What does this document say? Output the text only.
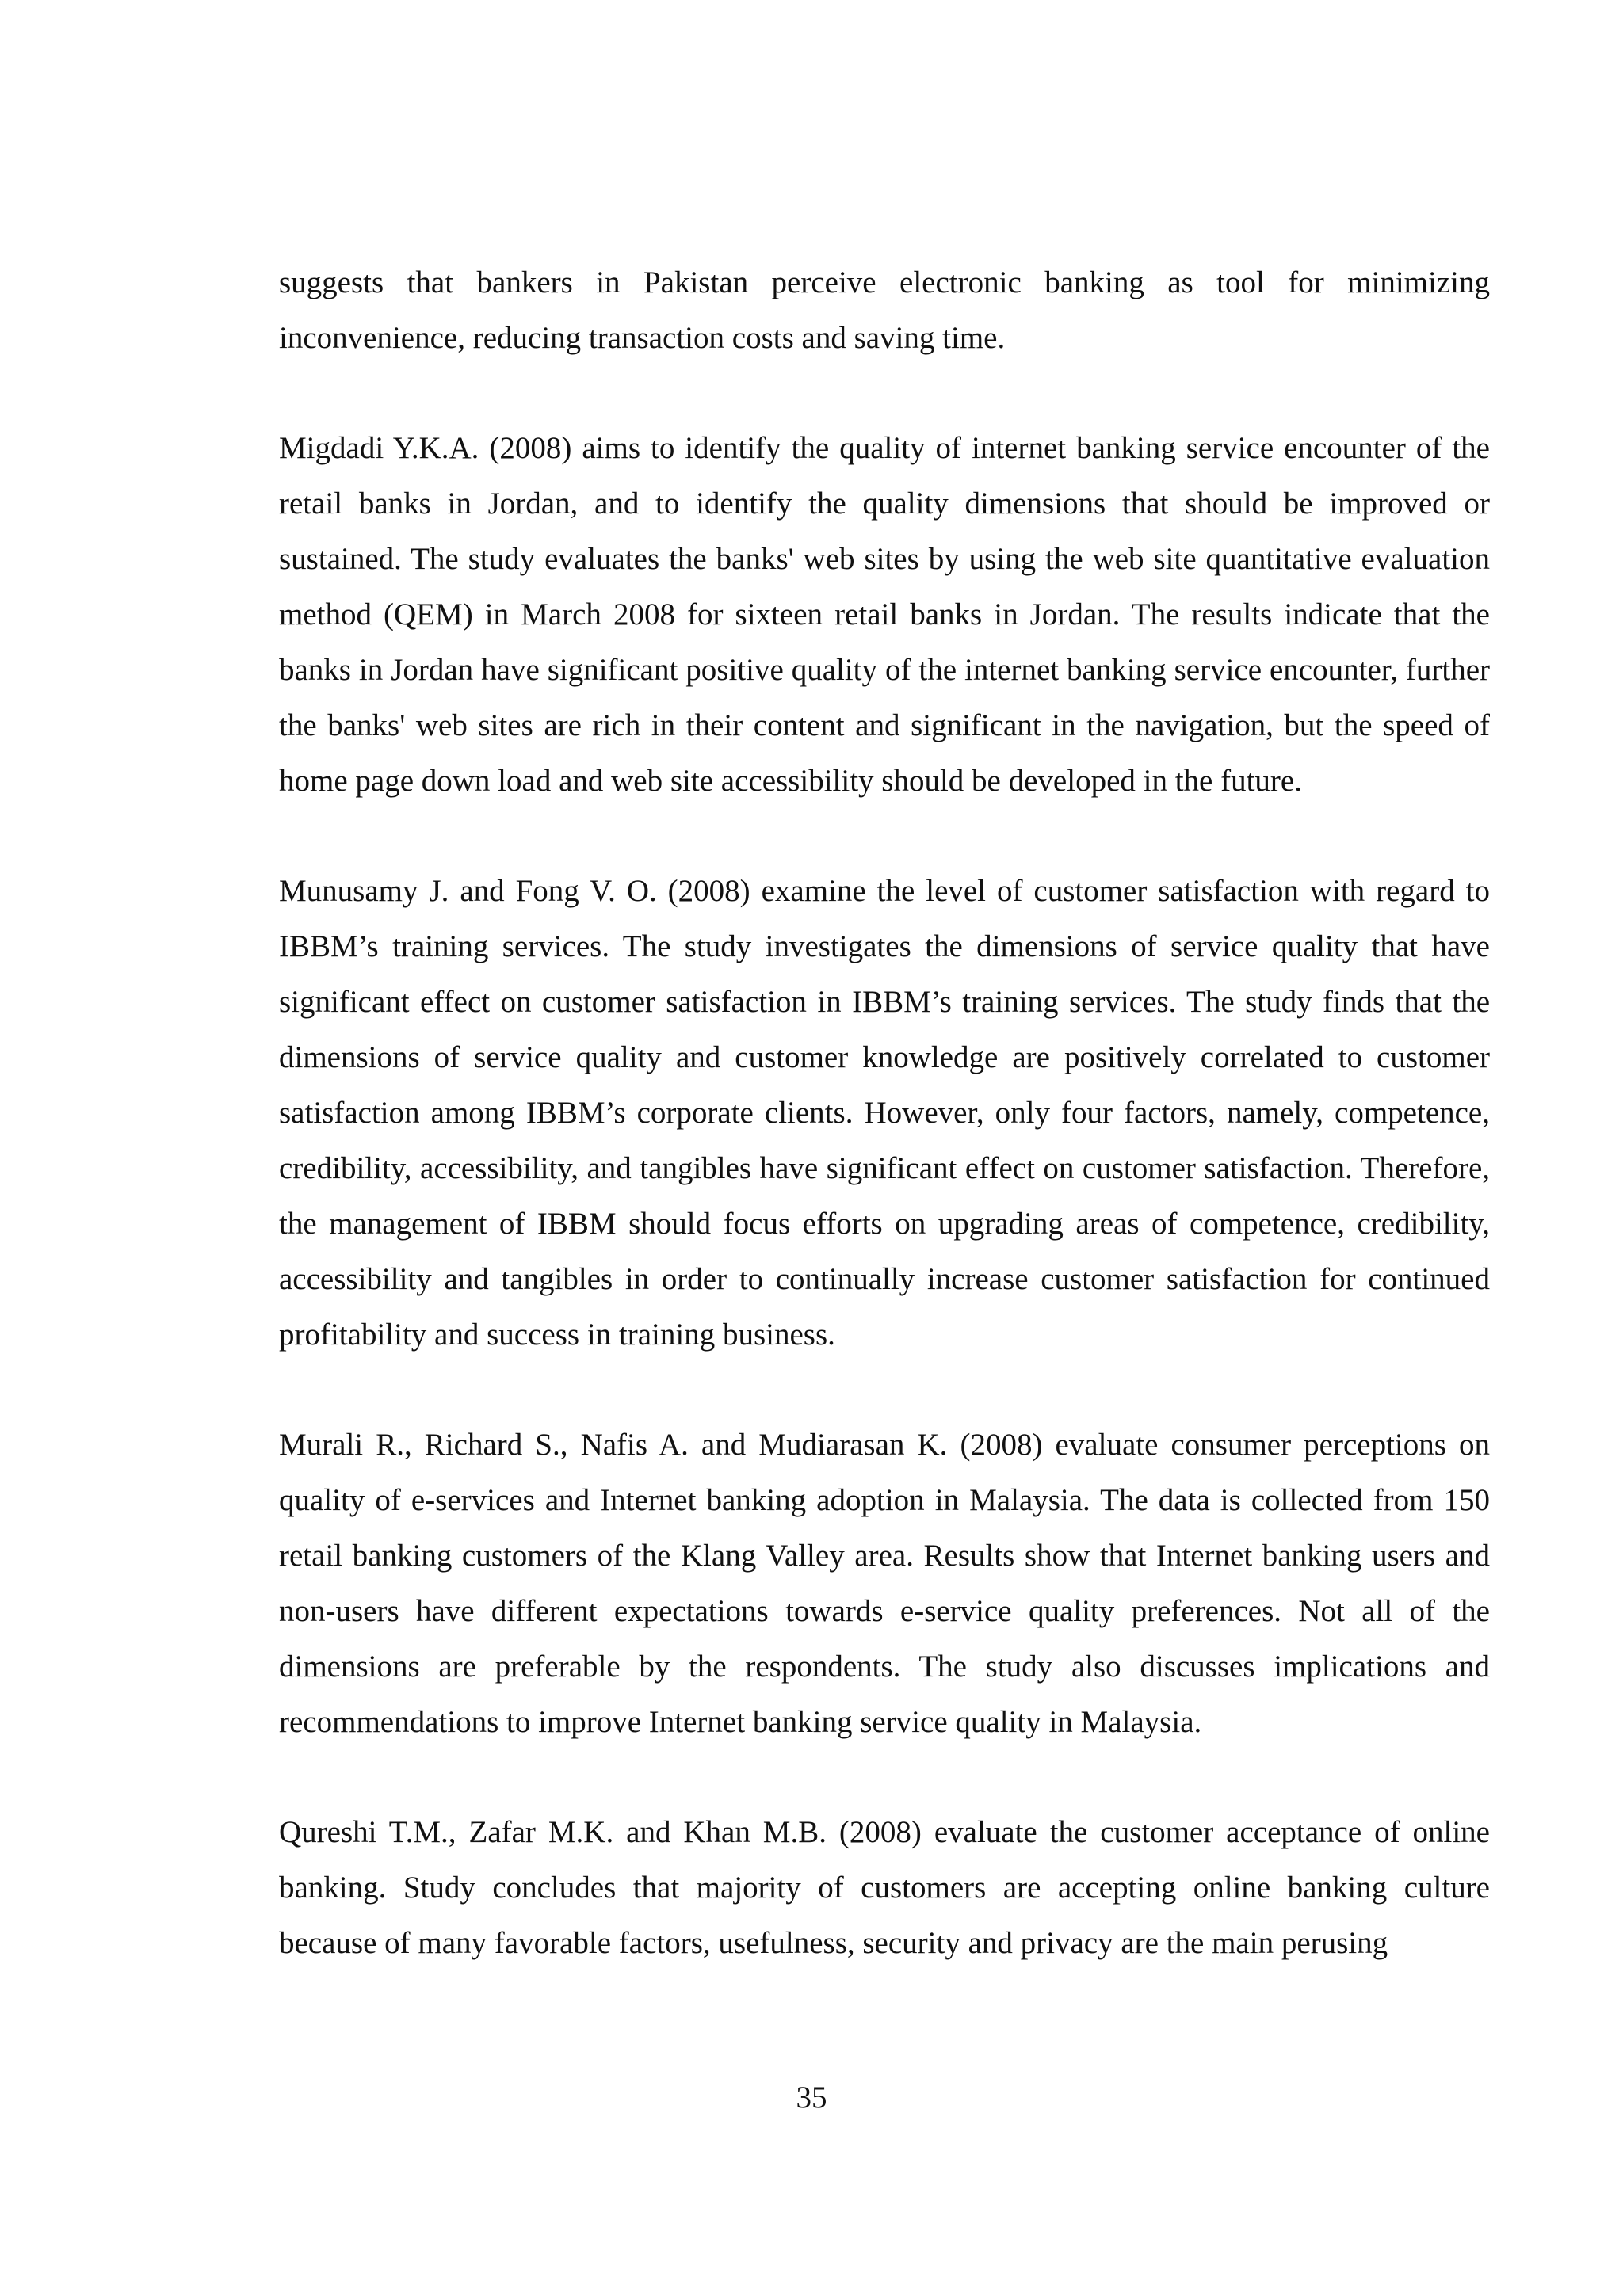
suggests that bankers in Pakistan perceive electronic banking as tool for minimizing inconvenience, reducing transaction costs and saving time.

Migdadi Y.K.A. (2008) aims to identify the quality of internet banking service encounter of the retail banks in Jordan, and to identify the quality dimensions that should be improved or sustained. The study evaluates the banks' web sites by using the web site quantitative evaluation method (QEM) in March 2008 for sixteen retail banks in Jordan. The results indicate that the banks in Jordan have significant positive quality of the internet banking service encounter, further the banks' web sites are rich in their content and significant in the navigation, but the speed of home page down load and web site accessibility should be developed in the future.

Munusamy J. and Fong V. O. (2008) examine the level of customer satisfaction with regard to IBBM’s training services. The study investigates the dimensions of service quality that have significant effect on customer satisfaction in IBBM’s training services. The study finds that the dimensions of service quality and customer knowledge are positively correlated to customer satisfaction among IBBM’s corporate clients. However, only four factors, namely, competence, credibility, accessibility, and tangibles have significant effect on customer satisfaction. Therefore, the management of IBBM should focus efforts on upgrading areas of competence, credibility, accessibility and tangibles in order to continually increase customer satisfaction for continued profitability and success in training business.

Murali R., Richard S., Nafis A. and Mudiarasan K. (2008) evaluate consumer perceptions on quality of e-services and Internet banking adoption in Malaysia. The data is collected from 150 retail banking customers of the Klang Valley area. Results show that Internet banking users and non-users have different expectations towards e-service quality preferences. Not all of the dimensions are preferable by the respondents. The study also discusses implications and recommendations to improve Internet banking service quality in Malaysia.

Qureshi T.M., Zafar M.K. and Khan M.B. (2008) evaluate the customer acceptance of online banking. Study concludes that majority of customers are accepting online banking culture because of many favorable factors, usefulness, security and privacy are the main perusing

35
